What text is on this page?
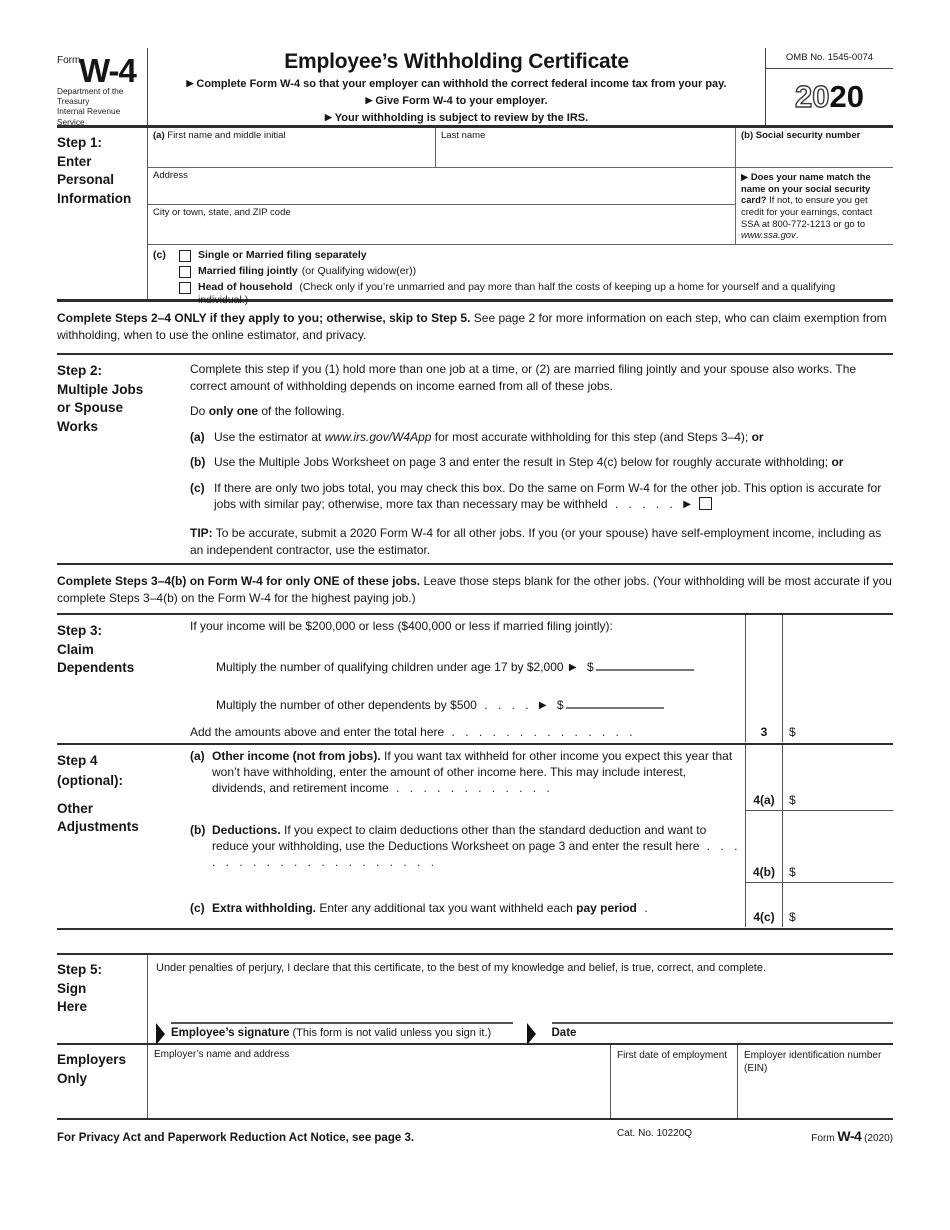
Form
W-4
Department of the Treasury
Internal Revenue Service
Employee’s Withholding Certificate
▶ Complete Form W-4 so that your employer can withhold the correct federal income tax from your pay.
▶ Give Form W-4 to your employer.
▶ Your withholding is subject to review by the IRS.
OMB No. 1545-0074
20 20
Step 1:
Enter
Personal
Information
(a) First name and middle initial	Last name	(b) Social security number
Address	▶ Does your name match the name on your social security card? If not, to ensure you get credit for your earnings, contact SSA at 800-772-1213 or go to www.ssa.gov.
City or town, state, and ZIP code
(c)	Single or Married filing separately
Married filing jointly (or Qualifying widow(er))
Head of household (Check only if you’re unmarried and pay more than half the costs of keeping up a home for yourself and a qualifying individual.)
Complete Steps 2–4 ONLY if they apply to you; otherwise, skip to Step 5. See page 2 for more information on each step, who can claim exemption from withholding, when to use the online estimator, and privacy.
Step 2:
Multiple Jobs
or Spouse
Works

Complete this step if you (1) hold more than one job at a time, or (2) are married filing jointly and your spouse also works. The correct amount of withholding depends on income earned from all of these jobs.

Do only one of the following.

(a) Use the estimator at www.irs.gov/W4App for most accurate withholding for this step (and Steps 3–4); or
(b) Use the Multiple Jobs Worksheet on page 3 and enter the result in Step 4(c) below for roughly accurate withholding; or
(c) If there are only two jobs total, you may check this box. Do the same on Form W-4 for the other job. This option is accurate for jobs with similar pay; otherwise, more tax than necessary may be withheld . . . . . ▶

TIP: To be accurate, submit a 2020 Form W-4 for all other jobs. If you (or your spouse) have self-employment income, including as an independent contractor, use the estimator.

Complete Steps 3–4(b) on Form W-4 for only ONE of these jobs. Leave those steps blank for the other jobs. (Your withholding will be most accurate if you complete Steps 3–4(b) on the Form W-4 for the highest paying job.)
Step 3:
Claim
Dependents
If your income will be $200,000 or less ($400,000 or less if married filing jointly):
Multiply the number of qualifying children under age 17 by $2,000 ▶ $
Multiply the number of other dependents by $500 . . . . ▶ $
Add the amounts above and enter the total here . . . . . . . . . . . . . .	3	$
Step 4
(optional):
Other
Adjustments
(a) Other income (not from jobs). If you want tax withheld for other income you expect this year that won’t have withholding, enter the amount of other income here. This may include interest, dividends, and retirement income . . . . . . . . . . . .
4(a)	$
(b) Deductions. If you expect to claim deductions other than the standard deduction and want to reduce your withholding, use the Deductions Worksheet on page 3 and enter the result here . . . . . . . . . . . . . . . . . . . .
4(b)	$
(c) Extra withholding. Enter any additional tax you want withheld each pay period .
4(c)	$
Step 5:
Sign
Here
Under penalties of perjury, I declare that this certificate, to the best of my knowledge and belief, is true, correct, and complete.
Employee’s signature (This form is not valid unless you sign it.)	Date
Employers
Only
Employer’s name and address	First date of employment	Employer identification number (EIN)
For Privacy Act and Paperwork Reduction Act Notice, see page 3.	Cat. No. 10220Q	Form W-4 (2020)
